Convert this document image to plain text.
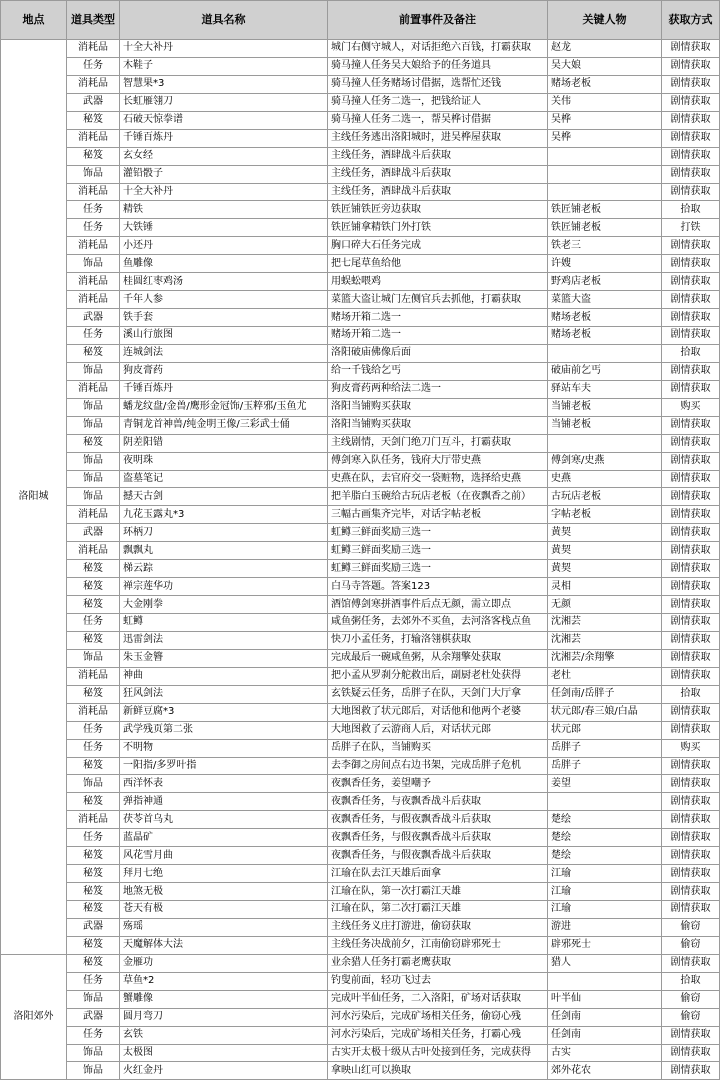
地点	道具类型	道具名称	前置事件及备注	关键人物	获取方式
洛阳城	消耗品	十全大补丹	城门右侧守城人，对话拒绝六百钱，打霸获取	赵龙	剧情获取
	任务	木鞋子	骑马撞人任务吴大娘给予的任务道具	吴大娘	剧情获取
	消耗品	智慧果*3	骑马撞人任务赌场讨借据，选帮忙还钱	赌场老板	剧情获取
	武器	长虹雁翎刀	骑马撞人任务二选一，把钱给证人	关伟	剧情获取
	秘笈	石破天惊拳谱	骑马撞人任务二选一，帮吴桦讨借据	吴桦	剧情获取
	消耗品	千锤百炼丹	主线任务逃出洛阳城时，进吴桦屋获取	吴桦	剧情获取
	秘笈	玄女经	主线任务，酒肆战斗后获取		剧情获取
	饰品	灌铅骰子	主线任务，酒肆战斗后获取		剧情获取
	消耗品	十全大补丹	主线任务，酒肆战斗后获取		剧情获取
	任务	精铁	铁匠铺铁匠旁边获取	铁匠铺老板	拾取
	任务	大铁锤	铁匠铺拿精铁门外打铁	铁匠铺老板	打铁
	消耗品	小还丹	胸口碎大石任务完成	铁老三	剧情获取
	饰品	鱼雕像	把七尾草鱼给他	许嫂	剧情获取
	消耗品	桂圆红枣鸡汤	用蜈蚣喂鸡	野鸡店老板	剧情获取
	消耗品	千年人参	菜篮大盗让城门左侧官兵去抓他，打霸获取	菜篮大盗	剧情获取
	武器	铁手套	赌场开箱二选一	赌场老板	剧情获取
	任务	溪山行旅图	赌场开箱二选一	赌场老板	剧情获取
	秘笈	连城剑法	洛阳破庙佛像后面		拾取
	饰品	狗皮膏药	给一千钱给乞丐	破庙前乞丐	剧情获取
	消耗品	千锤百炼丹	狗皮膏药两种给法二选一	驿站车夫	剧情获取
	饰品	蟠龙纹盘/金兽/鹰形金冠饰/玉粹邪/玉鱼尤	洛阳当铺购买获取	当铺老板	购买
	饰品	青铜龙首神兽/纯金明王像/三彩武士俑	洛阳当铺购买获取	当铺老板	剧情获取
	秘笈	阴差阳错	主线剧情，天剑门绝刀门互斗，打霸获取		剧情获取
	饰品	夜明珠	傅剑寒入队任务，钱府大厅带史燕	傅剑寒/史燕	剧情获取
	饰品	盗墓笔记	史燕在队，去官府交一袋赃物，选择给史燕	史燕	剧情获取
	饰品	撼天古剑	把羊脂白玉碗给古玩店老板（在夜飘香之前）	古玩店老板	剧情获取
	消耗品	九花玉露丸*3	三幅古画集齐完毕，对话字帖老板	字帖老板	剧情获取
	武器	环柄刀	虹鳟三鲜面奖励三选一	黄契	剧情获取
	消耗品	飘飘丸	虹鳟三鲜面奖励三选一	黄契	剧情获取
	秘笈	梯云踪	虹鳟三鲜面奖励三选一	黄契	剧情获取
	秘笈	禅宗莲华功	白马寺答题。答案123	灵相	剧情获取
	秘笈	大金刚拳	酒馆傅剑寒拼酒事件后点无颜，需立即点	无颜	剧情获取
	任务	虹鳟	咸鱼粥任务，去郊外不买鱼，去河洛客栈点鱼	沈湘芸	剧情获取
	秘笈	迅雷剑法	快刀小孟任务，打输洛翎棋获取	沈湘芸	剧情获取
	饰品	朱玉金簪	完成最后一碗咸鱼粥，从余翔擎处获取	沈湘芸/余翔擎	剧情获取
	消耗品	神曲	把小孟从罗刹分舵救出后，副厨老杜处获得	老杜	剧情获取
	秘笈	狂风剑法	玄铁疑云任务，岳胖子在队，天剑门大厅拿	任剑南/岳胖子	拾取
	消耗品	新鲜豆腐*3	大地图救了状元郎后，对话他和他两个老婆	状元郎/春三娘/白晶	剧情获取
	任务	武学残页第二张	大地图救了云游商人后，对话状元郎	状元郎	剧情获取
	任务	不明物	岳胖子在队，当铺购买	岳胖子	购买
	秘笈	一阳指/多罗叶指	去李御之房间点右边书架，完成岳胖子危机	岳胖子	剧情获取
	饰品	西洋怀表	夜飘香任务，姜望嘲予	姜望	剧情获取
	秘笈	弹指神通	夜飘香任务，与夜飘香战斗后获取		剧情获取
	消耗品	茯苓首乌丸	夜飘香任务，与假夜飘香战斗后获取	楚绘	剧情获取
	任务	蓝晶矿	夜飘香任务，与假夜飘香战斗后获取	楚绘	剧情获取
	秘笈	风花雪月曲	夜飘香任务，与假夜飘香战斗后获取	楚绘	剧情获取
	秘笈	拜月七绝	江瑜在队去江天雄后面拿	江瑜	剧情获取
	秘笈	地煞无极	江瑜在队，第一次打霸江天雄	江瑜	剧情获取
	秘笈	苍天有极	江瑜在队，第二次打霸江天雄	江瑜	剧情获取
	武器	殇瑶	主线任务义庄打游进，偷窃获取	游进	偷窃
	秘笈	天魔解体大法	主线任务决战前夕，江南偷窃辟邪死士	辟邪死士	偷窃
洛阳郊外	秘笈	金雁功	业余猎人任务打霸老鹰获取	猎人	剧情获取
	任务	草鱼*2	钓叟前面，轻功飞过去		拾取
	饰品	蟹雕像	完成叶半仙任务，二入洛阳，矿场对话获取	叶半仙	偷窃
	武器	圆月弯刀	河水污染后，完成矿场相关任务，偷窃心残	任剑南	偷窃
	任务	玄铁	河水污染后，完成矿场相关任务，打霸心残	任剑南	剧情获取
	饰品	太极图	古实开太极十级从古叶处接到任务，完成获得	古实	剧情获取
	饰品	火红金丹	拿映山红可以换取	郊外花农	剧情获取
